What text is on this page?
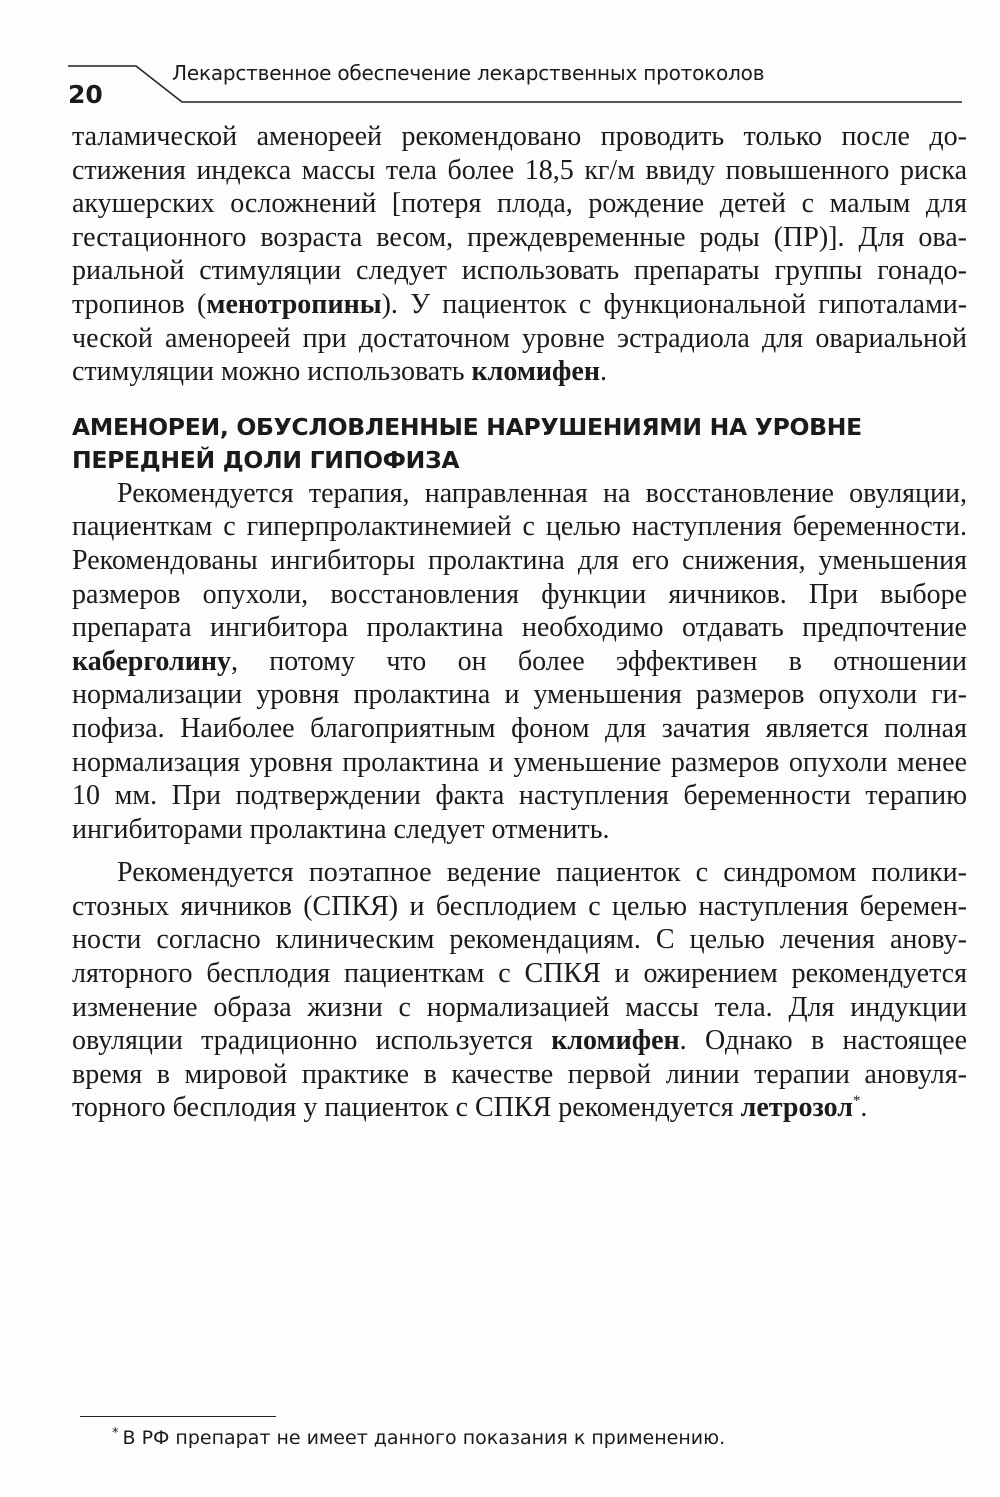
20
Лекарственное обеспечение лекарственных протоколов

таламической аменореей рекомендовано проводить только после достижения индекса массы тела более 18,5 кг/м ввиду повышенного риска акушерских осложнений [потеря плода, рождение детей с малым для гестационного возраста весом, преждевременные роды (ПР)]. Для овариальной стимуляции следует использовать препараты группы гонадотропинов (менотропины). У пациенток с функциональной гипоталамической аменореей при достаточном уровне эстрадиола для овариальной стимуляции можно использовать кломифен.

АМЕНОРЕИ, ОБУСЛОВЛЕННЫЕ НАРУШЕНИЯМИ НА УРОВНЕ ПЕРЕДНЕЙ ДОЛИ ГИПОФИЗА

Рекомендуется терапия, направленная на восстановление овуляции, пациенткам с гиперпролактинемией с целью наступления беременности. Рекомендованы ингибиторы пролактина для его снижения, уменьшения размеров опухоли, восстановления функции яичников. При выборе препарата ингибитора пролактина необходимо отдавать предпочтение каберголину, потому что он более эффективен в отношении нормализации уровня пролактина и уменьшения размеров опухоли гипофиза. Наиболее благоприятным фоном для зачатия является полная нормализация уровня пролактина и уменьшение размеров опухоли менее 10 мм. При подтверждении факта наступления беременности терапию ингибиторами пролактина следует отменить.

Рекомендуется поэтапное ведение пациенток с синдромом поликистозных яичников (СПКЯ) и бесплодием с целью наступления беременности согласно клиническим рекомендациям. С целью лечения ановуляторного бесплодия пациенткам с СПКЯ и ожирением рекомендуется изменение образа жизни с нормализацией массы тела. Для индукции овуляции традиционно используется кломифен. Однако в настоящее время в мировой практике в качестве первой линии терапии ановуляторного бесплодия у пациенток с СПКЯ рекомендуется летрозол*.

* В РФ препарат не имеет данного показания к применению.
